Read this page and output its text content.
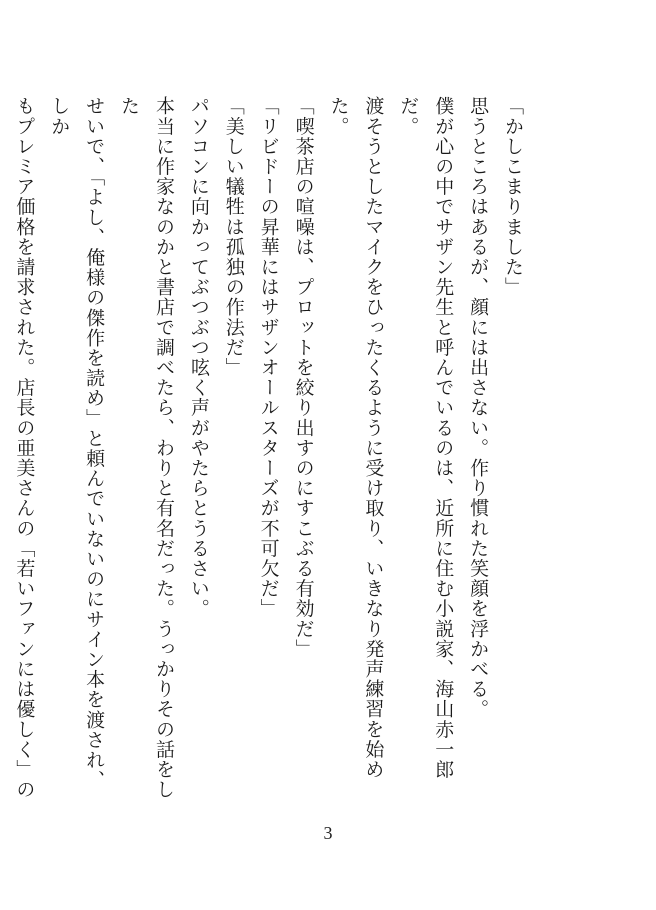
「かしこまりました」

思うところはあるが、顔には出さない。作り慣れた笑顔を浮かべる。

僕が心の中でサザン先生と呼んでいるのは、近所に住む小説家、海山赤一郎だ。

渡そうとしたマイクをひったくるように受け取り、いきなり発声練習を始めた。

「喫茶店の喧噪は、プロットを絞り出すのにすこぶる有効だ」

「リビドーの昇華にはサザンオールスターズが不可欠だ」

「美しい犠牲は孤独の作法だ」

パソコンに向かってぶつぶつ呟く声がやたらとうるさい。

本当に作家なのかと書店で調べたら、わりと有名だった。うっかりその話をした
せいで、「よし、俺様の傑作を読め」と頼んでいないのにサイン本を渡され、しか
もプレミア価格を請求された。店長の亜美さんの「若いファンには優しく」の

3
